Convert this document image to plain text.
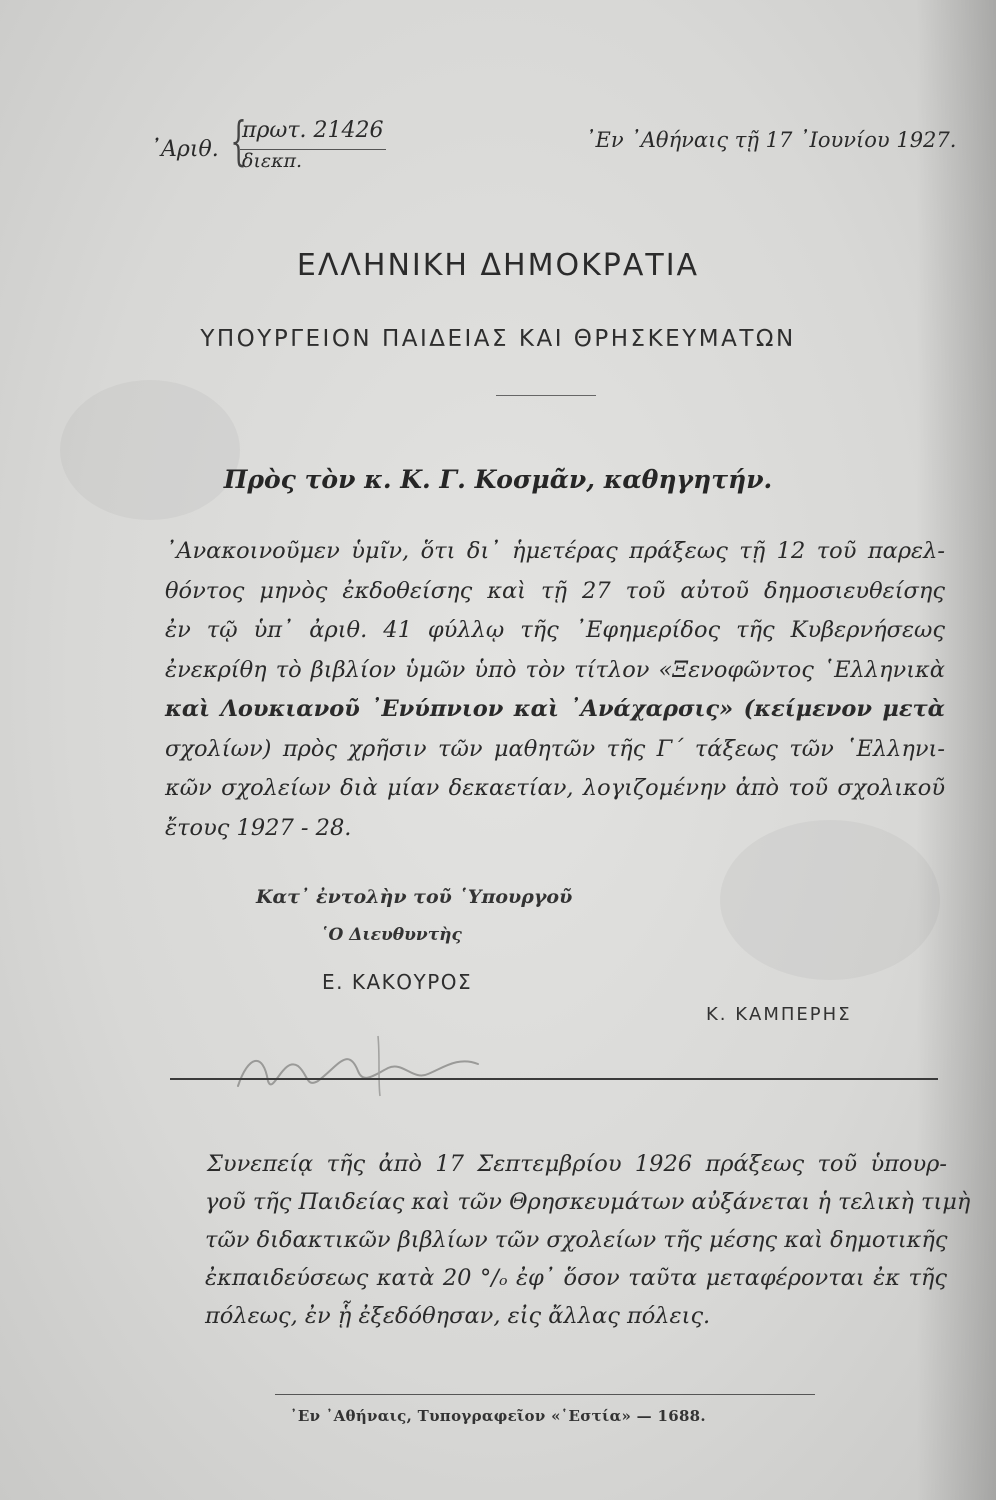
᾿Αριθ. {
πρωτ. 21426
διεκπ.
᾿Εν ᾿Αθήναις τῇ 17 ᾿Ιουνίου 1927.
ΕΛΛΗΝΙΚΗ ΔΗΜΟΚΡΑΤΙΑ
ΥΠΟΥΡΓΕΙΟΝ ΠΑΙΔΕΙΑΣ ΚΑΙ ΘΡΗΣΚΕΥΜΑΤΩΝ
Πρὸς τὸν κ. Κ. Γ. Κοσμᾶν, καθηγητήν.
᾿Ανακοινοῦμεν ὑμῖν, ὅτι δι᾿ ἡμετέρας πράξεως τῇ 12 τοῦ παρελ-
θόντος μηνὸς ἐκδοθείσης καὶ τῇ 27 τοῦ αὐτοῦ δημοσιευθείσης
ἐν τῷ ὑπ᾿ ἀριθ. 41 φύλλῳ τῆς ᾿Εφημερίδος τῆς Κυβερνήσεως
ἐνεκρίθη τὸ βιβλίον ὑμῶν ὑπὸ τὸν τίτλον «Ξενοφῶντος ῾Ελληνικὰ
καὶ Λουκιανοῦ ᾿Ενύπνιον καὶ ᾿Ανάχαρσις» (κείμενον μετὰ
σχολίων) πρὸς χρῆσιν τῶν μαθητῶν τῆς Γ΄ τάξεως τῶν ῾Ελληνι-
κῶν σχολείων διὰ μίαν δεκαετίαν, λογιζομένην ἀπὸ τοῦ σχολικοῦ
ἔτους 1927 - 28.
Κατ᾿ ἐντολὴν τοῦ ῾Υπουργοῦ
῾Ο Διευθυντὴς
Ε. ΚΑΚΟΥΡΟΣ
Κ. ΚΑΜΠΕΡΗΣ
Συνεπείᾳ τῆς ἀπὸ 17 Σεπτεμβρίου 1926 πράξεως τοῦ ὑπουρ-
γοῦ τῆς Παιδείας καὶ τῶν Θρησκευμάτων αὐξάνεται ἡ τελικὴ τιμὴ
τῶν διδακτικῶν βιβλίων τῶν σχολείων τῆς μέσης καὶ δημοτικῆς
ἐκπαιδεύσεως κατὰ 20 °/ₒ ἐφ᾿ ὅσον ταῦτα μεταφέρονται ἐκ τῆς
πόλεως, ἐν ᾗ ἐξεδόθησαν, εἰς ἄλλας πόλεις.
᾿Εν ᾿Αθήναις, Τυπογραφεῖον «῾Εστία» — 1688.
